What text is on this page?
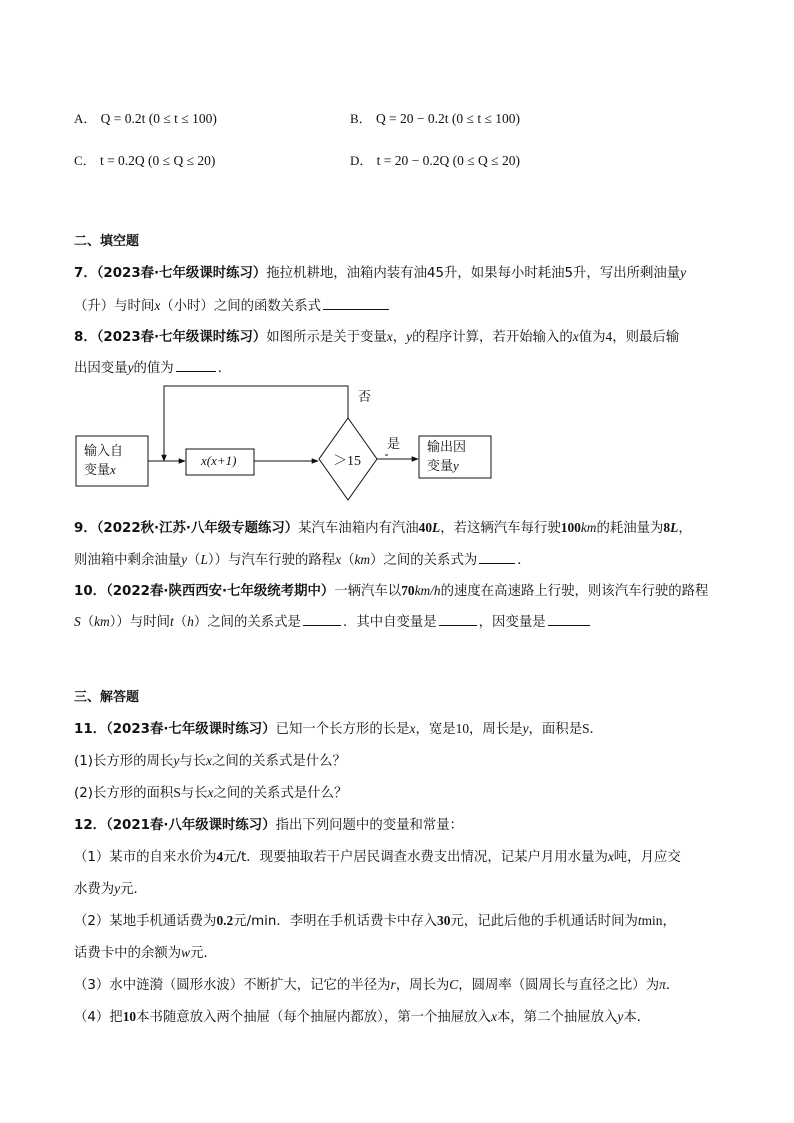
A． Q = 0.2t (0 ≤ t ≤ 100)	B． Q = 20 − 0.2t (0 ≤ t ≤ 100)
C． t = 0.2Q (0 ≤ Q ≤ 20)	D． t = 20 − 0.2Q (0 ≤ Q ≤ 20)
二、填空题
7．（2023春·七年级课时练习）拖拉机耕地，油箱内装有油45升，如果每小时耗油5升，写出所剩油量y
（升）与时间x（小时）之间的函数关系式
8．（2023春·七年级课时练习）如图所示是关于变量x，y的程序计算，若开始输入的x值为4，则最后输
出因变量y的值为	．
输入自
变量x
x(x+1)	＞15
是
否
输出因
变量y
9．（2022秋·江苏·八年级专题练习）某汽车油箱内有汽油40L，若这辆汽车每行驶100km的耗油量为8L，
则油箱中剩余油量y（L））与汽车行驶的路程x（km）之间的关系式为	．
10．（2022春·陕西西安·七年级统考期中）一辆汽车以70km/h的速度在高速路上行驶，则该汽车行驶的路程
S（km））与时间t（h）之间的关系式是	．其中自变量是	，因变量是
三、解答题
11．（2023春·七年级课时练习）已知一个长方形的长是x，宽是10，周长是y，面积是S．
(1)长方形的周长y与长x之间的关系式是什么？
(2)长方形的面积S与长x之间的关系式是什么？
12．（2021春·八年级课时练习）指出下列问题中的变量和常量：
（1）某市的自来水价为4元/t．现要抽取若干户居民调查水费支出情况，记某户月用水量为x吨，月应交
水费为y元．
（2）某地手机通话费为0.2元/min．李明在手机话费卡中存入30元，记此后他的手机通话时间为tmin，
话费卡中的余额为w元．
（3）水中涟漪（圆形水波）不断扩大，记它的半径为r，周长为C，圆周率（圆周长与直径之比）为π．
（4）把10本书随意放入两个抽屉（每个抽屉内都放），第一个抽屉放入x本，第二个抽屉放入y本．
